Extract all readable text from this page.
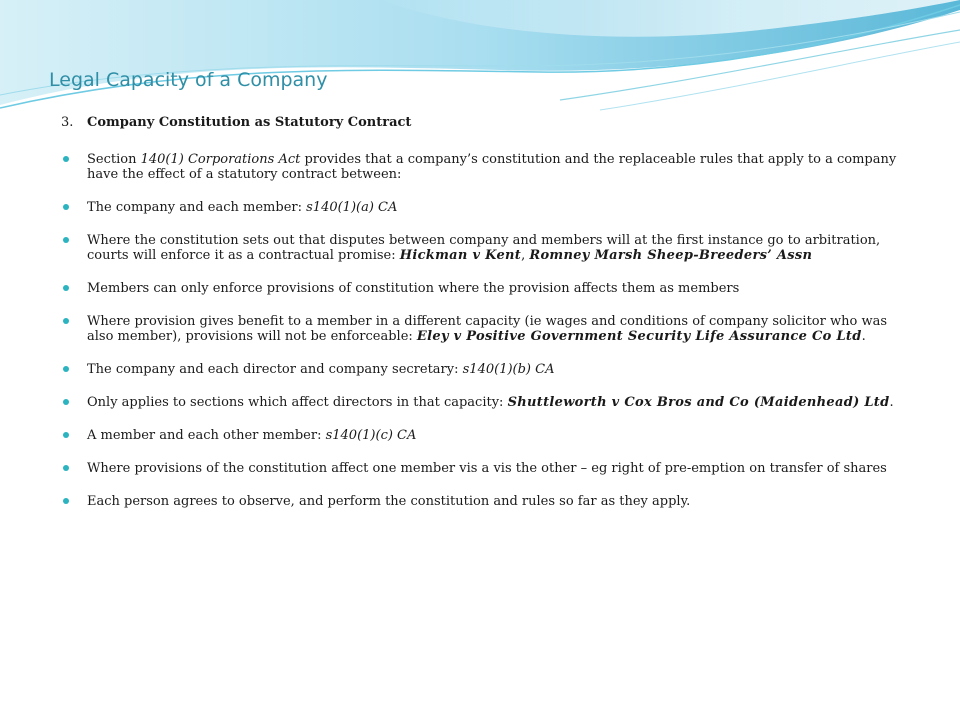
Legal Capacity of a Company
3.	Company Constitution as Statutory Contract
Section 140(1) Corporations Act provides that a company’s constitution and the replaceable rules that apply to a company have the effect of a statutory contract between:
The company and each member: s140(1)(a) CA
Where the constitution sets out that disputes between company and members will at the first instance go to arbitration, courts will enforce it as a contractual promise: Hickman v Kent, Romney Marsh Sheep-Breeders’ Assn
Members can only enforce provisions of constitution where the provision affects them as members
Where provision gives benefit to a member in a different capacity (ie wages and conditions of company solicitor who was also member), provisions will not be enforceable: Eley v Positive Government Security Life Assurance Co Ltd.
The company and each director and company secretary: s140(1)(b) CA
Only applies to sections which affect directors in that capacity: Shuttleworth v Cox Bros and Co (Maidenhead) Ltd.
A member and each other member: s140(1)(c) CA
Where provisions of the constitution affect one member vis a vis the other – eg right of pre-emption on transfer of shares
Each person agrees to observe, and perform the constitution and rules so far as they apply.
